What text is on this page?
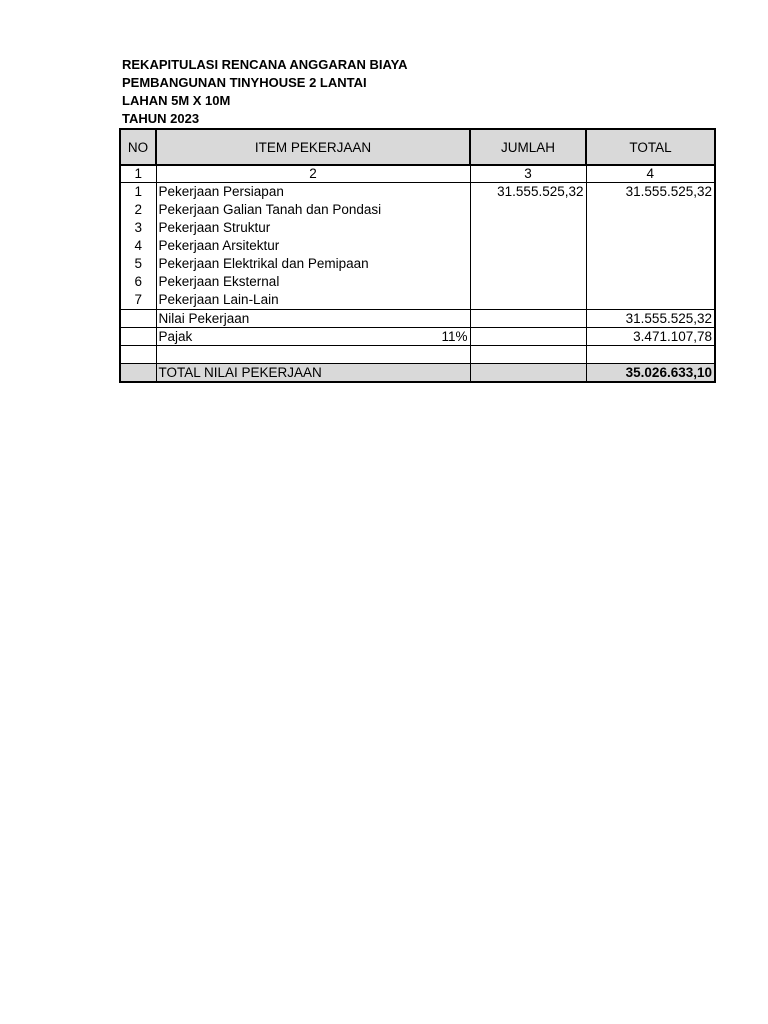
REKAPITULASI RENCANA ANGGARAN BIAYA
PEMBANGUNAN TINYHOUSE 2 LANTAI
LAHAN 5M X 10M
TAHUN 2023
NO	ITEM PEKERJAAN	JUMLAH	TOTAL
1	2	3	4
1	Pekerjaan Persiapan	31.555.525,32	31.555.525,32
2	Pekerjaan Galian Tanah dan Pondasi		
3	Pekerjaan Struktur		
4	Pekerjaan Arsitektur		
5	Pekerjaan Elektrikal dan Pemipaan		
6	Pekerjaan Eksternal		
7	Pekerjaan Lain-Lain		
	Nilai Pekerjaan		31.555.525,32
	Pajak 11%		3.471.107,78

	TOTAL NILAI PEKERJAAN		35.026.633,10
